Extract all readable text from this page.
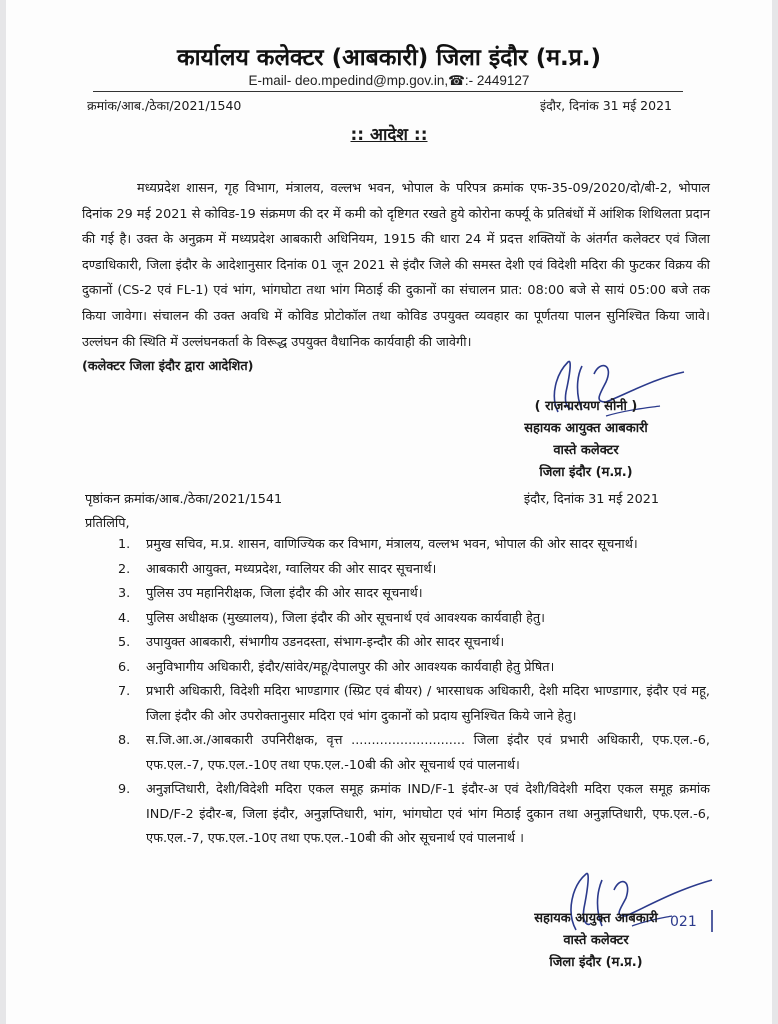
कार्यालय कलेक्टर (आबकारी) जिला इंदौर (म.प्र.)
E-mail- deo.mpedind@mp.gov.in,☎:- 2449127
क्रमांक/आब./ठेका/2021/1540	इंदौर, दिनांक 31 मई 2021
:: आदेश ::
मध्यप्रदेश शासन, गृह विभाग, मंत्रालय, वल्लभ भवन, भोपाल के परिपत्र क्रमांक एफ-35-09/2020/दो/बी-2, भोपाल दिनांक 29 मई 2021 से कोविड-19 संक्रमण की दर में कमी को दृष्टिगत रखते हुये कोरोना कर्फ्यू के प्रतिबंधों में आंशिक शिथिलता प्रदान की गई है। उक्त के अनुक्रम में मध्यप्रदेश आबकारी अधिनियम, 1915 की धारा 24 में प्रदत्त शक्तियों के अंतर्गत कलेक्टर एवं जिला दण्डाधिकारी, जिला इंदौर के आदेशानुसार दिनांक 01 जून 2021 से इंदौर जिले की समस्त देशी एवं विदेशी मदिरा की फुटकर विक्रय की दुकानों (CS-2 एवं FL-1) एवं भांग, भांगघोटा तथा भांग मिठाई की दुकानों का संचालन प्रात: 08:00 बजे से सायं 05:00 बजे तक किया जावेगा। संचालन की उक्त अवधि में कोविड प्रोटोकॉल तथा कोविड उपयुक्त व्यवहार का पूर्णतया पालन सुनिश्चित किया जावे। उल्लंघन की स्थिति में उल्लंघनकर्ता के विरूद्ध उपयुक्त वैधानिक कार्यवाही की जावेगी।
(कलेक्टर जिला इंदौर द्वारा आदेशित)
( राजनारायण सोनी )
सहायक आयुक्त आबकारी
वास्ते कलेक्टर
जिला इंदौर (म.प्र.)
पृष्ठांकन क्रमांक/आब./ठेका/2021/1541	इंदौर, दिनांक 31 मई 2021
प्रतिलिपि,
1. प्रमुख सचिव, म.प्र. शासन, वाणिज्यिक कर विभाग, मंत्रालय, वल्लभ भवन, भोपाल की ओर सादर सूचनार्थ।
2. आबकारी आयुक्त, मध्यप्रदेश, ग्वालियर की ओर सादर सूचनार्थ।
3. पुलिस उप महानिरीक्षक, जिला इंदौर की ओर सादर सूचनार्थ।
4. पुलिस अधीक्षक (मुख्यालय), जिला इंदौर की ओर सूचनार्थ एवं आवश्यक कार्यवाही हेतु।
5. उपायुक्त आबकारी, संभागीय उडनदस्ता, संभाग-इन्दौर की ओर सादर सूचनार्थ।
6. अनुविभागीय अधिकारी, इंदौर/सांवेर/महू/देपालपुर की ओर आवश्यक कार्यवाही हेतु प्रेषित।
7. प्रभारी अधिकारी, विदेशी मदिरा भाण्डागार (स्प्रिट एवं बीयर) / भारसाधक अधिकारी, देशी मदिरा भाण्डागार, इंदौर एवं महू, जिला इंदौर की ओर उपरोक्तानुसार मदिरा एवं भांग दुकानों को प्रदाय सुनिश्चित किये जाने हेतु।
8. स.जि.आ.अ./आबकारी उपनिरीक्षक, वृत्त ............................ जिला इंदौर एवं प्रभारी अधिकारी, एफ.एल.-6, एफ.एल.-7, एफ.एल.-10ए तथा एफ.एल.-10बी की ओर सूचनार्थ एवं पालनार्थ।
9. अनुज्ञप्तिधारी, देशी/विदेशी मदिरा एकल समूह क्रमांक IND/F-1 इंदौर-अ एवं देशी/विदेशी मदिरा एकल समूह क्रमांक IND/F-2 इंदौर-ब, जिला इंदौर, अनुज्ञप्तिधारी, भांग, भांगघोटा एवं भांग मिठाई दुकान तथा अनुज्ञप्तिधारी, एफ.एल.-6, एफ.एल.-7, एफ.एल.-10ए तथा एफ.एल.-10बी की ओर सूचनार्थ एवं पालनार्थ ।
021
सहायक आयुक्त आबकारी
वास्ते कलेक्टर
जिला इंदौर (म.प्र.)
